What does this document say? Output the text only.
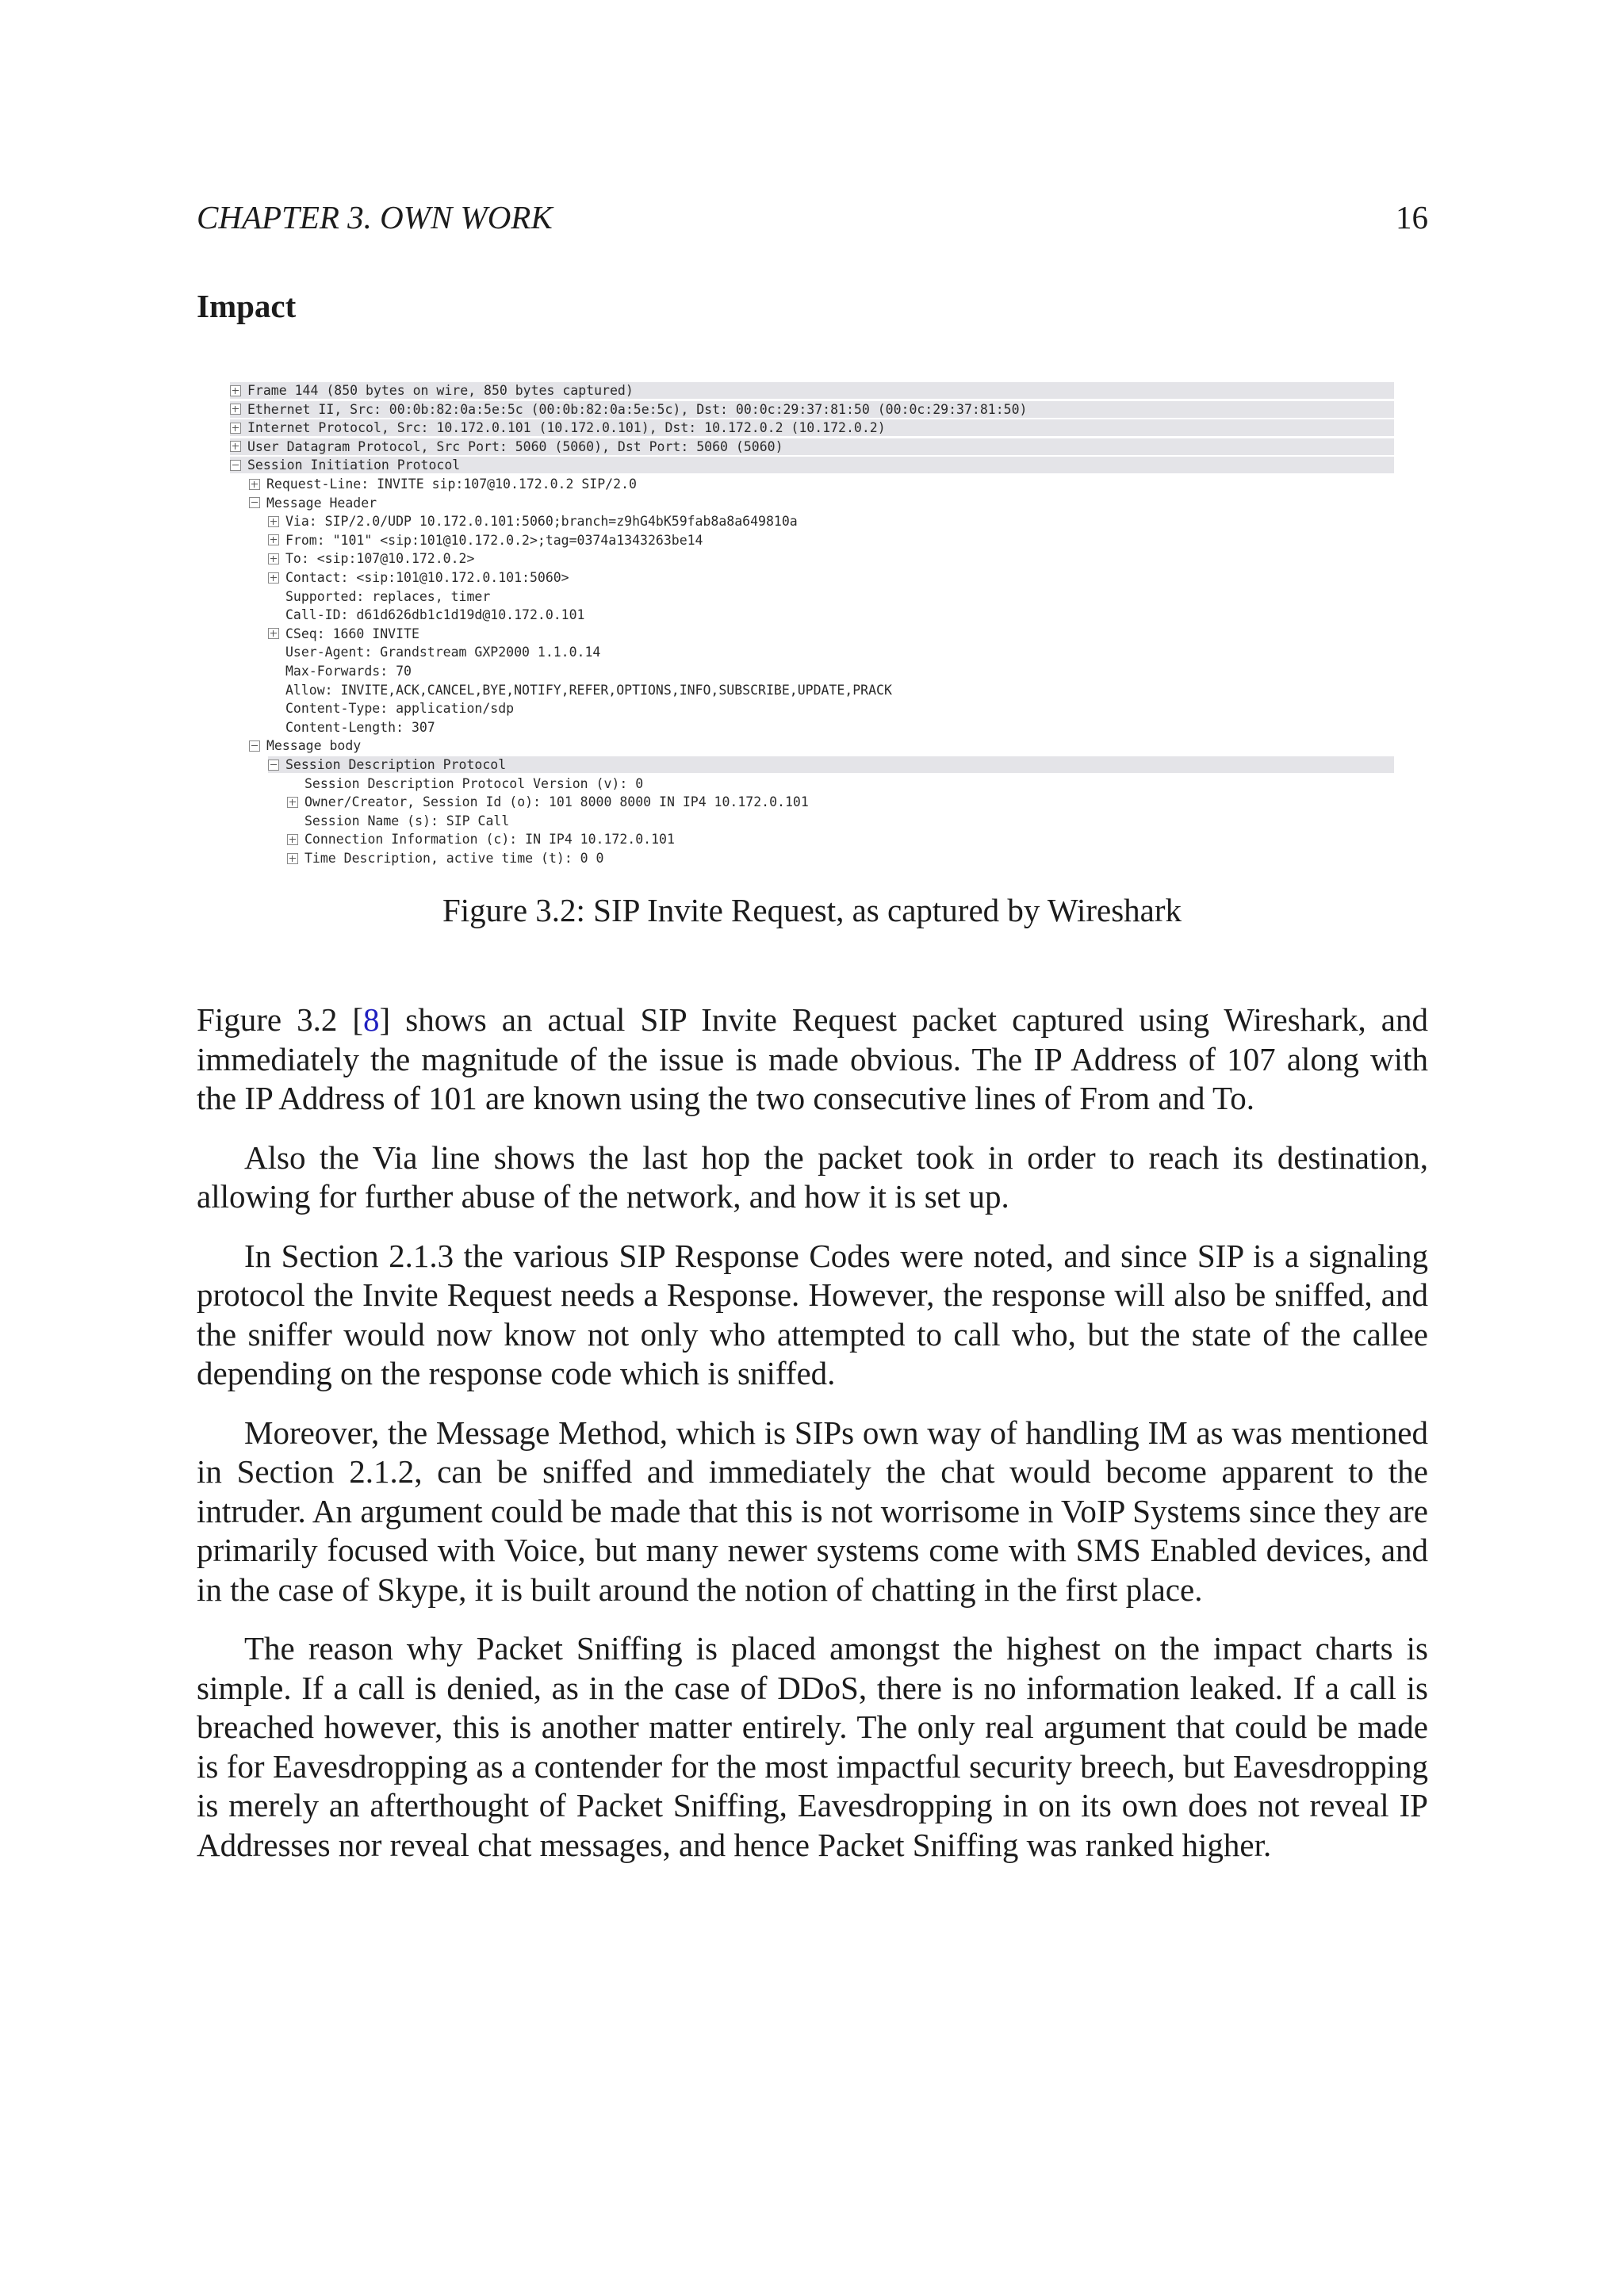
CHAPTER 3. OWN WORK	16
Impact
Frame 144 (850 bytes on wire, 850 bytes captured)
Ethernet II, Src: 00:0b:82:0a:5e:5c (00:0b:82:0a:5e:5c), Dst: 00:0c:29:37:81:50 (00:0c:29:37:81:50)
Internet Protocol, Src: 10.172.0.101 (10.172.0.101), Dst: 10.172.0.2 (10.172.0.2)
User Datagram Protocol, Src Port: 5060 (5060), Dst Port: 5060 (5060)
Session Initiation Protocol
Request-Line: INVITE sip:107@10.172.0.2 SIP/2.0
Message Header
Via: SIP/2.0/UDP 10.172.0.101:5060;branch=z9hG4bK59fab8a8a649810a
From: "101" <sip:101@10.172.0.2>;tag=0374a1343263be14
To: <sip:107@10.172.0.2>
Contact: <sip:101@10.172.0.101:5060>
Supported: replaces, timer
Call-ID: d61d626db1c1d19d@10.172.0.101
CSeq: 1660 INVITE
User-Agent: Grandstream GXP2000 1.1.0.14
Max-Forwards: 70
Allow: INVITE,ACK,CANCEL,BYE,NOTIFY,REFER,OPTIONS,INFO,SUBSCRIBE,UPDATE,PRACK
Content-Type: application/sdp
Content-Length: 307
Message body
Session Description Protocol
Session Description Protocol Version (v): 0
Owner/Creator, Session Id (o): 101 8000 8000 IN IP4 10.172.0.101
Session Name (s): SIP Call
Connection Information (c): IN IP4 10.172.0.101
Time Description, active time (t): 0 0
Figure 3.2: SIP Invite Request, as captured by Wireshark

Figure 3.2 [8] shows an actual SIP Invite Request packet captured using Wireshark, and immediately the magnitude of the issue is made obvious. The IP Address of 107 along with the IP Address of 101 are known using the two consecutive lines of From and To.

Also the Via line shows the last hop the packet took in order to reach its destination, allowing for further abuse of the network, and how it is set up.

In Section 2.1.3 the various SIP Response Codes were noted, and since SIP is a signaling protocol the Invite Request needs a Response. However, the response will also be sniffed, and the sniffer would now know not only who attempted to call who, but the state of the callee depending on the response code which is sniffed.

Moreover, the Message Method, which is SIPs own way of handling IM as was mentioned in Section 2.1.2, can be sniffed and immediately the chat would become apparent to the intruder. An argument could be made that this is not worrisome in VoIP Systems since they are primarily focused with Voice, but many newer systems come with SMS Enabled devices, and in the case of Skype, it is built around the notion of chatting in the first place.

The reason why Packet Sniffing is placed amongst the highest on the impact charts is simple. If a call is denied, as in the case of DDoS, there is no information leaked. If a call is breached however, this is another matter entirely. The only real argument that could be made is for Eavesdropping as a contender for the most impactful security breech, but Eavesdropping is merely an afterthought of Packet Sniffing, Eavesdropping in on its own does not reveal IP Addresses nor reveal chat messages, and hence Packet Sniffing was ranked higher.
